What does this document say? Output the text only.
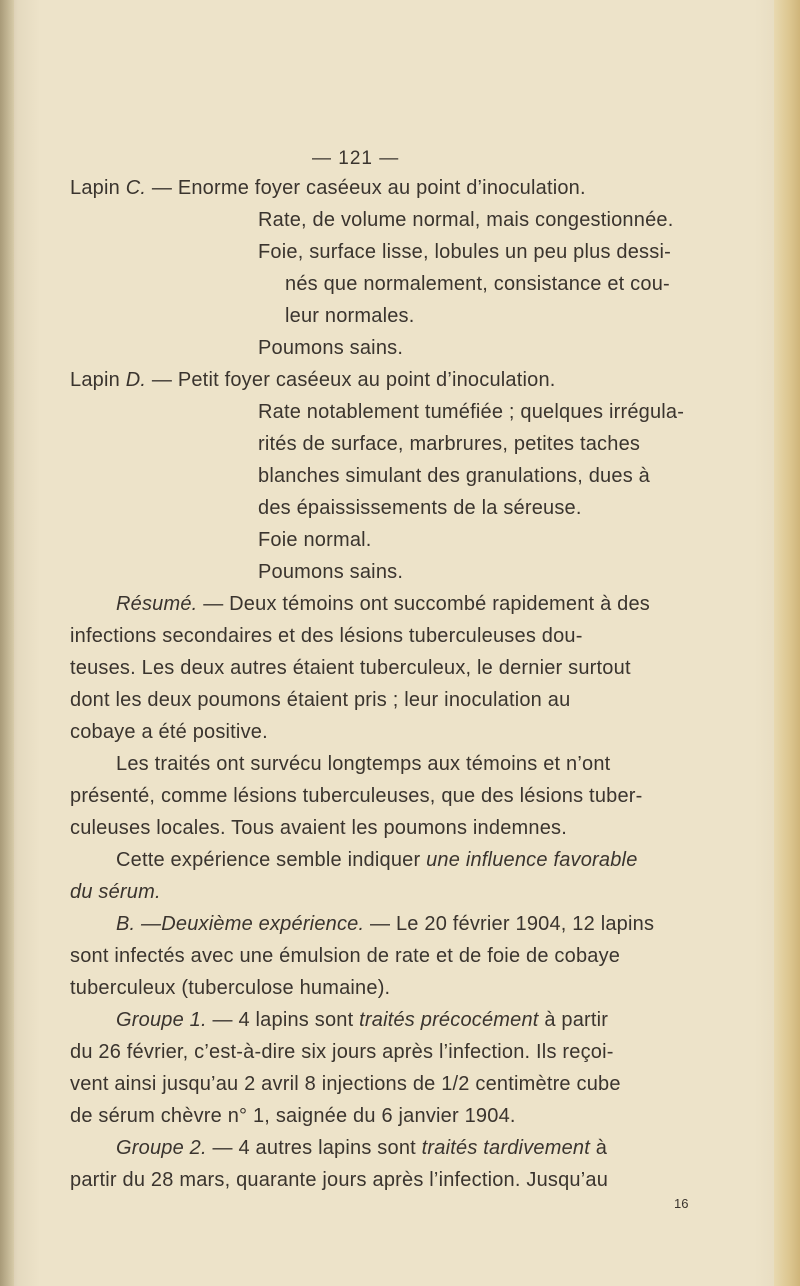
— 121 —
Lapin C. — Enorme foyer caséeux au point d’inoculation.
Rate, de volume normal, mais congestionnée.
Foie, surface lisse, lobules un peu plus dessi-
nés que normalement, consistance et cou-
leur normales.
Poumons sains.
Lapin D. — Petit foyer caséeux au point d’inoculation.
Rate notablement tuméfiée ; quelques irrégula-
rités de surface, marbrures, petites taches
blanches simulant des granulations, dues à
des épaississements de la séreuse.
Foie normal.
Poumons sains.
Résumé. — Deux témoins ont succombé rapidement à des
infections secondaires et des lésions tuberculeuses dou-
teuses. Les deux autres étaient tuberculeux, le dernier surtout
dont les deux poumons étaient pris ; leur inoculation au
cobaye a été positive.
Les traités ont survécu longtemps aux témoins et n’ont
présenté, comme lésions tuberculeuses, que des lésions tuber-
culeuses locales. Tous avaient les poumons indemnes.
Cette expérience semble indiquer une influence favorable
du sérum.
B. —Deuxième expérience. — Le 20 février 1904, 12 lapins
sont infectés avec une émulsion de rate et de foie de cobaye
tuberculeux (tuberculose humaine).
Groupe 1. — 4 lapins sont traités précocément à partir
du 26 février, c’est-à-dire six jours après l’infection. Ils reçoi-
vent ainsi jusqu’au 2 avril 8 injections de 1/2 centimètre cube
de sérum chèvre n° 1, saignée du 6 janvier 1904.
Groupe 2. — 4 autres lapins sont traités tardivement à
partir du 28 mars, quarante jours après l’infection. Jusqu’au
16
